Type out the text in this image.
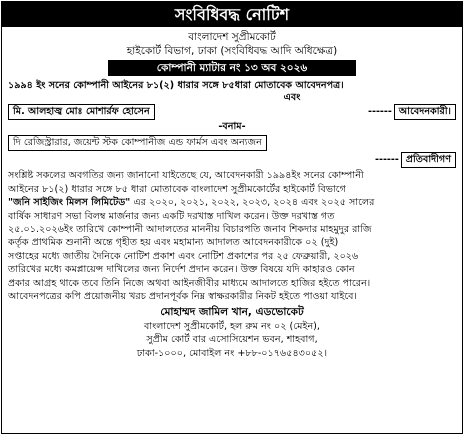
সংবিধিবদ্ধ নোটিশ
বাংলাদেশ সুপ্রীমকোর্ট
হাইকোর্ট বিভাগ, ঢাকা (সংবিধিবদ্ধ আদি অধিক্ষেত্র)
কোম্পানী ম্যাটার নং ১৩ অব ২০২৬
১৯৯৪ ইং সনের কোম্পানী আইনের ৮১(২) ধারার সঙ্গে ৮৫ধারা মোতাবেক আবেদনপত্র।
এবং
মি. আলহাজ্ব মোঃ মোশার্রফ হোসেন	------ আবেদনকারী।
-বনাম-
দি রেজিস্ট্রারার, জয়েন্ট স্টক কোম্পানীজ এন্ড ফার্মস এবং অন্যজন
------ প্রতিবাদীগণ
সংশ্লিষ্ট সকলের অবগতির জন্য জানানো যাইতেছে যে, আবেদনকারী ১৯৯৪ইং সনের কোম্পানী
আইনের ৮১(২) ধারার সঙ্গে ৮৫ ধারা মোতাবেক বাংলাদেশ সুপ্রীমকোর্টের হাইকোর্ট বিভাগে
"জনি সাইজিং মিলস লিমিটেড" এর ২০২০, ২০২১, ২০২২, ২০২৩, ২০২৪ এবং ২০২৫ সালের
বার্ষিক সাধারণ সভা বিলম্ব মার্জনার জন্য একটি দরখাস্ত দাখিল করেন। উক্ত দরখাস্ত গত
২৫.০১.২০২৬ইং তারিখে কোম্পানী আদালতের মাননীয় বিচারপতি জনাব শিকদার মাহমুদুর রাজি
কর্তৃক প্রাথমিক শুনানী অন্তে গৃহীত হয় এবং মহামান্য আদালত আবেদনকারীকে ০২ (দুই)
সপ্তাহের মধ্যে জাতীয় দৈনিকে নোটিশ প্রকাশ এবং নোটিশ প্রকাশের পর ২৫ ফেব্রুয়ারী, ২০২৬
তারিখের মধ্যে কমপ্লায়েন্স দাখিলের জন্য নির্দেশ প্রদান করেন। উক্ত বিষয়ে যদি কাহারও কোন
প্রকার আগ্রহ থাকে তবে তিনি নিজে অথবা আইনজীবীর মাধ্যমে আদালতে হাজির হইতে পারেন।
আবেদনপত্রের কপি প্রয়োজনীয় খরচ প্রদানপূর্বক নিম্ন স্বাক্ষরকারীর নিকট হইতে পাওয়া যাইবে।
মোহাম্মদ জামিল খান, এডভোকেট
বাংলাদেশ সুপ্রীমকোর্ট, হল রুম নং ০২ (মেইন),
সুপ্রীম কোর্ট বার এসোসিয়েশন ভবন, শাহবাগ,
ঢাকা-১০০০, মোবাইল নং +৮৮-০১৭৬৫৪৩০৫২।
